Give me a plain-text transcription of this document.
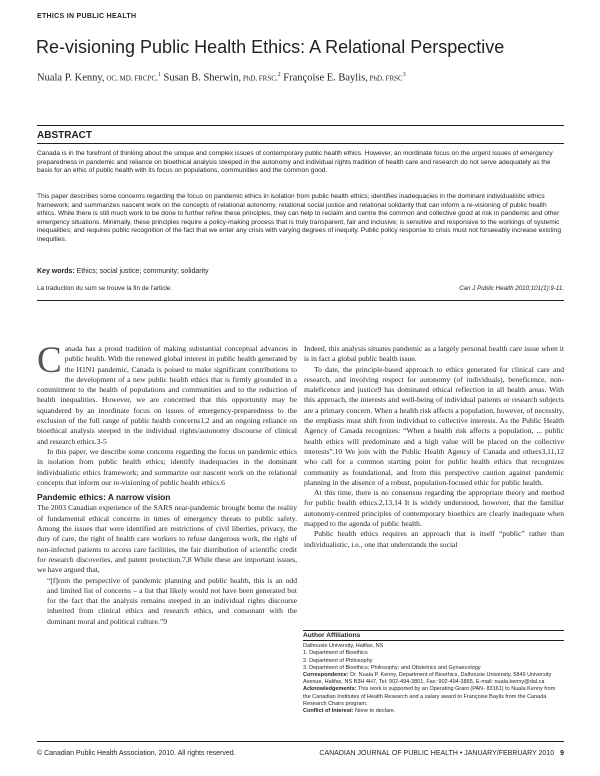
ETHICS IN PUBLIC HEALTH
Re-visioning Public Health Ethics: A Relational Perspective
Nuala P. Kenny, OC, MD, FRCPC,$^1$ Susan B. Sherwin, PhD, FRSC,$^2$ Françoise E. Baylis, PhD, FRSC$^3$
ABSTRACT

Canada is in the forefront of thinking about the unique and complex issues of contemporary public health ethics. However, an inordinate focus on the urgent issues of emergency preparedness in pandemic and reliance on bioethical analysis steeped in the autonomy and individual rights tradition of health care and research do not serve adequately as the basis for an ethic of public health with its focus on populations, communities and the common good.

This paper describes some concerns regarding the focus on pandemic ethics in isolation from public health ethics; identifies inadequacies in the dominant individualistic ethics framework; and summarizes nascent work on the concepts of relational autonomy, relational social justice and relational solidarity that can inform a re-visioning of public health ethics. While there is still much work to be done to further refine these principles, they can help to reclaim and centre the common and collective good at risk in pandemic and other emergency situations. Minimally, these principles require a policy-making process that is truly transparent, fair and inclusive; is sensitive and responsive to the workings of systemic inequalities; and requires public recognition of the fact that we enter any crisis with varying degrees of inequity. Public policy response to crisis must not forseeably increase existing inequities.

Key words: Ethics; social justice; community; solidarity
La traduction du sum se trouve la fin de l'article.	Can J Public Health 2010;101(1):9-11.

Canada has a proud tradition of making substantial conceptual advances in public health. With the renewed global interest in public health generated by the H1N1 pandemic, Canada is poised to make significant contributions to the development of a new public health ethics that is firmly grounded in a commitment to the health of populations and communities and to the reduction of health inequalities. However, we are concerned that this opportunity may be squandered by an inordinate focus on issues of emergency-preparedness to the exclusion of the full range of public health concerns1,2 and an ongoing reliance on bioethical analysis steeped in the individual rights/autonomy discourse of clinical and research ethics.3-5

In this paper, we describe some concerns regarding the focus on pandemic ethics in isolation from public health ethics; identify inadequacies in the dominant individualistic ethics framework; and summarize our nascent work on the relational concepts that inform our re-visioning of public health ethics.6

Pandemic ethics: A narrow vision

The 2003 Canadian experience of the SARS near-pandemic brought home the reality of fundamental ethical concerns in times of emergency threats to public safety. Among the issues that were identified are restrictions of civil liberties, privacy, the duty of care, the right of health care workers to refuse dangerous work, the right of non-infected patients to access care facilities, the fair distribution of scientific credit for research discoveries, and patent protection.7,8 While these are important issues, we have argued that,

“[f]rom the perspective of pandemic planning and public health, this is an odd and limited list of concerns – a list that likely would not have been generated but for the fact that the analysis remains steeped in an individual rights discourse inherited from clinical ethics and research ethics, and consonant with the dominant moral and political culture.”9

Indeed, this analysis situates pandemic as a largely personal health care issue when it is in fact a global public health issue.

To date, the principle-based approach to ethics generated for clinical care and research, and involving respect for autonomy (of individuals), beneficence, non-maleficence and justice9 has dominated ethical reflection in all health areas. With this approach, the interests and well-being of individual patients or research subjects are a primary concern. When a health risk affects a population, however, of necessity, the emphasis must shift from individual to collective interests. As the Public Health Agency of Canada recognizes: “When a health risk affects a population, ... public health ethics will predominate and a high value will be placed on the collective interests”.10 We join with the Public Health Agency of Canada and others3,11,12 who call for a common starting point for public health ethics that recognizes community as foundational, and from this perspective caution against pandemic planning in the absence of a robust, population-focused ethic for public health.

At this time, there is no consensus regarding the appropriate theory and method for public health ethics.2,13,14 It is widely understood, however, that the familiar autonomy-centred principles of contemporary bioethics are clearly inadequate when mapped to the agenda of public health.

Public health ethics requires an approach that is itself “public” rather than individualistic, i.e., one that understands the social

Author Affiliations
Dalhousie University, Halifax, NS
1. Department of Bioethics
2. Department of Philosophy
3. Department of Bioethics; Philosophy; and Obstetrics and Gynaecology
Correspondence: Dr. Nuala P. Kenny, Department of Bioethics, Dalhousie University, 5849 University Avenue, Halifax, NS B3H 4H7, Tel: 902-494-3801, Fax: 902-494-3865, E-mail: nuala.kenny@dal.ca
Acknowledgements: This work is supported by an Operating Grant (PAN- 83161) to Nuala Kenny from the Canadian Institutes of Health Research and a salary award to Françoise Baylis from the Canada Research Chairs program.
Conflict of Interest: None to declare.
© Canadian Public Health Association, 2010. All rights reserved.	CANADIAN JOURNAL OF PUBLIC HEALTH • JANUARY/FEBRUARY 2010 9
